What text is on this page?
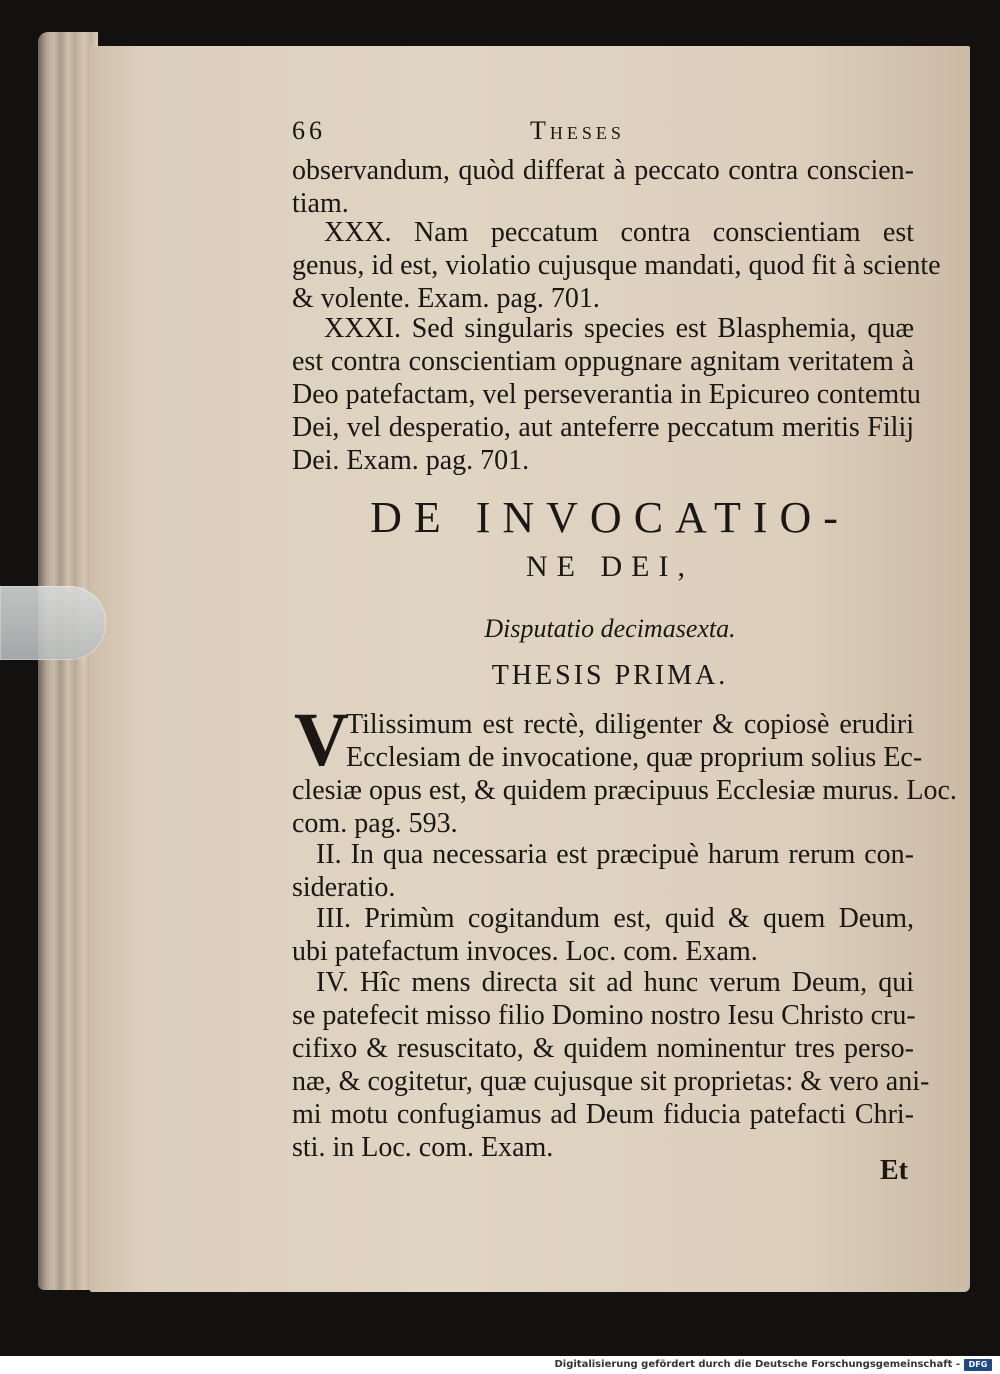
66	Theses
observandum, quòd differat à peccato contra conscien-
tiam.
XXX. Nam peccatum contra conscientiam est
genus, id est, violatio cujusque mandati, quod fit à sciente
& volente. Exam. pag. 701.
XXXI. Sed singularis species est Blasphemia, quæ
est contra conscientiam oppugnare agnitam veritatem à
Deo patefactam, vel perseverantia in Epicureo contemtu
Dei, vel desperatio, aut anteferre peccatum meritis Filij
Dei. Exam. pag. 701.
DE INVOCATIO-
NE DEI,
Disputatio decimasexta.
THESIS PRIMA.
V
Tilissimum est rectè, diligenter & copiosè erudiri
Ecclesiam de invocatione, quæ proprium solius Ec-
clesiæ opus est, & quidem præcipuus Ecclesiæ murus. Loc.
com. pag. 593.
II. In qua necessaria est præcipuè harum rerum con-
sideratio.
III. Primùm cogitandum est, quid & quem Deum,
ubi patefactum invoces. Loc. com. Exam.
IV. Hîc mens directa sit ad hunc verum Deum, qui
se patefecit misso filio Domino nostro Iesu Christo cru-
cifixo & resuscitato, & quidem nominentur tres perso-
næ, & cogitetur, quæ cujusque sit proprietas: & vero ani-
mi motu confugiamus ad Deum fiducia patefacti Chri-
sti. in Loc. com. Exam.
Et
Digitalisierung gefördert durch die Deutsche Forschungsgemeinschaft -	DFG
